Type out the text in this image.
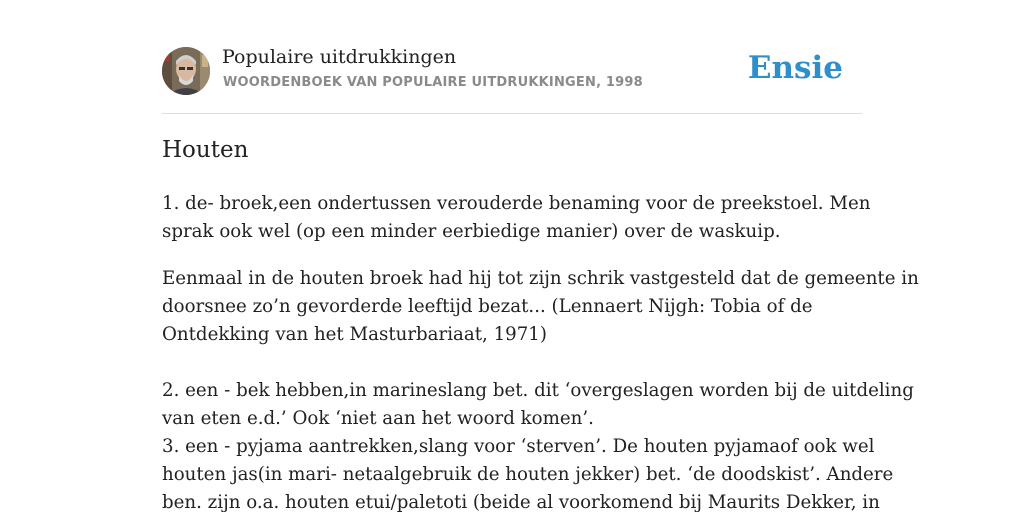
Populaire uitdrukkingen
WOORDENBOEK VAN POPULAIRE UITDRUKKINGEN, 1998	Ensie
Houten

1. de- broek,een ondertussen verouderde benaming voor de preekstoel. Men

sprak ook wel (op een minder eerbiedige manier) over de waskuip.

Eenmaal in de houten broek had hij tot zijn schrik vastgesteld dat de gemeente in

doorsnee zo’n gevorderde leeftijd bezat... (Lennaert Nijgh: Tobia of de

Ontdekking van het Masturbariaat, 1971)

2. een - bek hebben,in marineslang bet. dit ‘overgeslagen worden bij de uitdeling

van eten e.d.’ Ook ‘niet aan het woord komen’.

3. een - pyjama aantrekken,slang voor ‘sterven’. De houten pyjamaof ook wel

houten jas(in mari- netaalgebruik de houten jekker) bet. ‘de doodskist’. Andere

ben. zijn o.a. houten etui/paletoti (beide al voorkomend bij Maurits Dekker, in
